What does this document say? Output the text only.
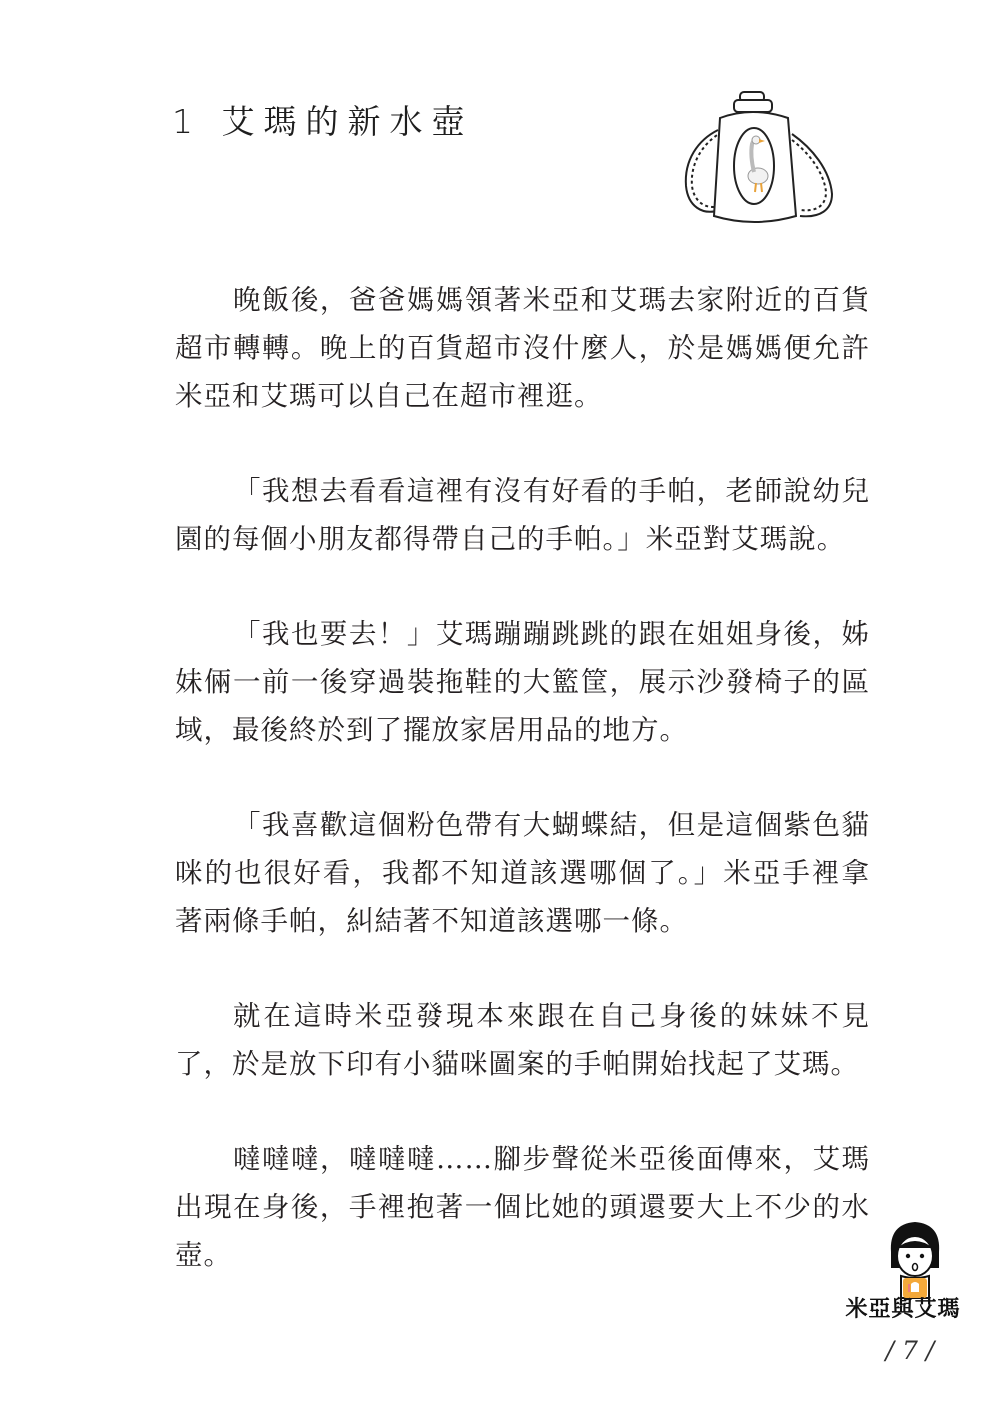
1 艾瑪的新水壺

晚飯後，爸爸媽媽領著米亞和艾瑪去家附近的百貨超市轉轉。晚上的百貨超市沒什麼人，於是媽媽便允許米亞和艾瑪可以自己在超市裡逛。

「我想去看看這裡有沒有好看的手帕，老師說幼兒園的每個小朋友都得帶自己的手帕。」米亞對艾瑪說。

「我也要去！」艾瑪蹦蹦跳跳的跟在姐姐身後，姊妹倆一前一後穿過裝拖鞋的大籃筐，展示沙發椅子的區域，最後終於到了擺放家居用品的地方。

「我喜歡這個粉色帶有大蝴蝶結，但是這個紫色貓咪的也很好看，我都不知道該選哪個了。」米亞手裡拿著兩條手帕，糾結著不知道該選哪一條。

就在這時米亞發現本來跟在自己身後的妹妹不見了，於是放下印有小貓咪圖案的手帕開始找起了艾瑪。

噠噠噠，噠噠噠……腳步聲從米亞後面傳來，艾瑪出現在身後，手裡抱著一個比她的頭還要大上不少的水壺。

米亞與艾瑪
/ 7 /
